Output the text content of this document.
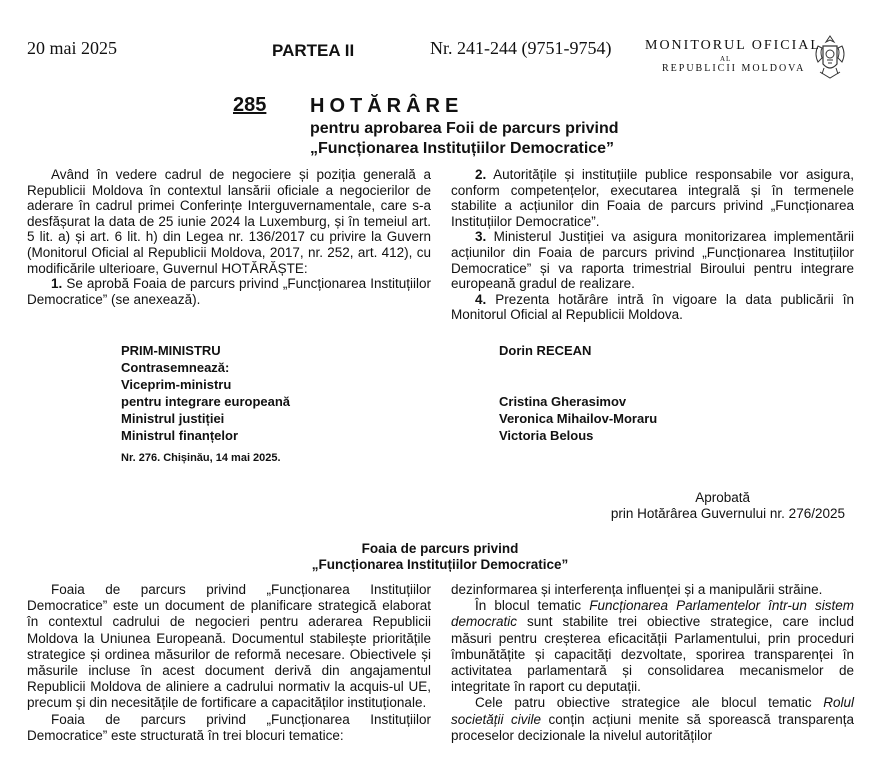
20 mai 2025	PARTEA II	Nr. 241-244 (9751-9754) MONITORUL OFICIAL
AL
REPUBLICII MOLDOVA
285 HOTĂRÂRE
pentru aprobarea Foii de parcurs privind
„Funcționarea Instituțiilor Democratice”

Având în vedere cadrul de negociere și poziția generală a Republicii Moldova în contextul lansării oficiale a negocierilor de aderare în cadrul primei Conferințe Interguvernamentale, care s-a desfășurat la data de 25 iunie 2024 la Luxemburg, și în temeiul art. 5 lit. a) și art. 6 lit. h) din Legea nr. 136/2017 cu privire la Guvern (Monitorul Oficial al Republicii Moldova, 2017, nr. 252, art. 412), cu modificările ulterioare, Guvernul HOTĂRĂȘTE:

1. Se aprobă Foaia de parcurs privind „Funcționarea Instituțiilor Democratice” (se anexează).

2. Autoritățile și instituțiile publice responsabile vor asigura, conform competențelor, executarea integrală și în termenele stabilite a acțiunilor din Foaia de parcurs privind „Funcționarea Instituțiilor Democratice”.

3. Ministerul Justiției va asigura monitorizarea implementării acțiunilor din Foaia de parcurs privind „Funcționarea Instituțiilor Democratice” și va raporta trimestrial Biroului pentru integrare europeană gradul de realizare.

4. Prezenta hotărâre intră în vigoare la data publicării în Monitorul Oficial al Republicii Moldova.

PRIM-MINISTRU	Dorin RECEAN
Contrasemnează:
Viceprim-ministru
pentru integrare europeană
Ministrul justiției
Ministrul finanțelor
Cristina Gherasimov
Veronica Mihailov-Moraru
Victoria Belous
Nr. 276. Chișinău, 14 mai 2025.
Aprobată
prin Hotărârea Guvernului nr. 276/2025
Foaia de parcurs privind
„Funcționarea Instituțiilor Democratice”

Foaia de parcurs privind „Funcționarea Instituțiilor Democratice” este un document de planificare strategică elaborat în contextul cadrului de negocieri pentru aderarea Republicii Moldova la Uniunea Europeană. Documentul stabilește prioritățile strategice și ordinea măsurilor de reformă necesare. Obiectivele și măsurile incluse în acest document derivă din angajamentul Republicii Moldova de aliniere a cadrului normativ la acquis-ul UE, precum și din necesitățile de fortificare a capacităților instituționale.

Foaia de parcurs privind „Funcționarea Instituțiilor Democratice” este structurată în trei blocuri tematice:

dezinformarea și interferența influenței și a manipulării străine.

În blocul tematic Funcționarea Parlamentelor într-un sistem democratic sunt stabilite trei obiective strategice, care includ măsuri pentru creșterea eficacității Parlamentului, prin proceduri îmbunătățite și capacități dezvoltate, sporirea transparenței în activitatea parlamentară și consolidarea mecanismelor de integritate în raport cu deputații.

Cele patru obiective strategice ale blocul tematic Rolul societății civile conțin acțiuni menite să sporească transparența proceselor decizionale la nivelul autorităților
